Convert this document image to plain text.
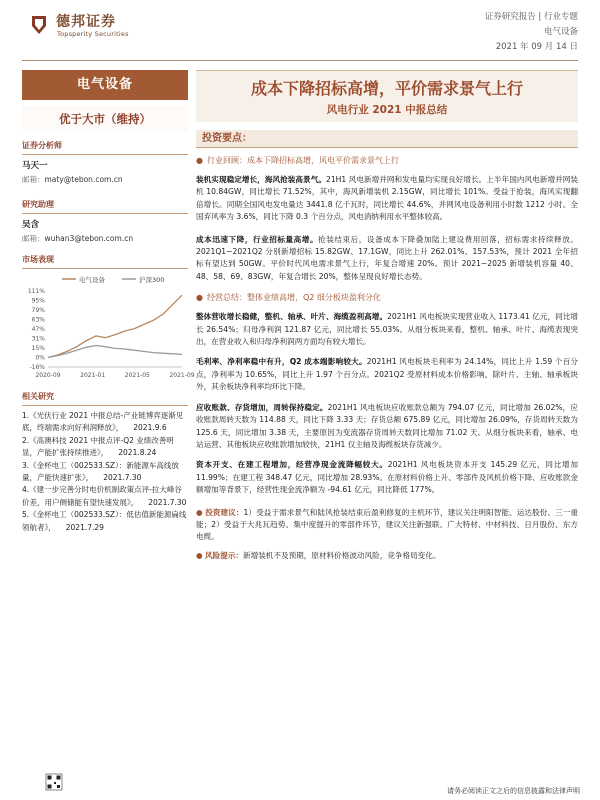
德邦证券
Topsperity Securities
证券研究报告 | 行业专题
电气设备
2021 年 09 月 14 日
电气设备
优于大市（维持）
证券分析师
马天一
邮箱：maty@tebon.com.cn
研究助理
吴含
邮箱：wuhan3@tebon.com.cn
市场表现
电气设备	沪深300
111%
95%
79%
63%
47%
31%
15%
0%
-16%
2020-09	2021-01	2021-05	2021-09
相关研究
1.《光伏行业 2021 中报总结-产业链博弈逐渐见底，终端需求向好利润释放》， 2021.9.6
2.《高澳科技 2021 中报点评-Q2 业绩改善明显，产能扩张持续推进》， 2021.8.24
3.《金杯电工（002533.SZ）：新能源车高线放量，产能快速扩张》， 2021.7.30
4.《建一步完善分时电价机制政策点评-拉大峰谷价差，用户侧储能有望快速发展》， 2021.7.30
5.《金杯电工（002533.SZ）：低估值新能源扁线领航者》， 2021.7.29
成本下降招标高增，平价需求景气上行
风电行业 2021 中报总结
投资要点：
● 行业回顾：成本下降招标高增，风电平价需求景气上行
装机实现稳定增长，海风抢装高景气。21H1 风电新增并网和发电量均实现良好增长。上半年国内风电新增并网装机 10.84GW，同比增长 71.52%，其中，海风新增装机 2.15GW，同比增长 101%。受益于抢装，海风实现翻倍增长。同期全国风电发电量达 3441.8 亿千瓦时，同比增长 44.6%，并网风电设备利用小时数 1212 小时。全国弃风率为 3.6%，同比下降 0.3 个百分点，风电消纳利用水平整体较高。
成本迅速下降，行业招标量高增。抢装结束后，设备成本下降叠加陆上建设费用回落，招标需求持续释放。2021Q1~2021Q2 分别新增招标 15.82GW、17.1GW，同比上升 262.01%、157.53%，预计 2021 全年招标有望达到 50GW。平价时代风电需求景气上行，年复合增速 20%。预计 2021~2025 新增装机容量 40、48、58、69、83GW，年复合增长 20%，整体呈现良好增长态势。
● 经营总结：整体业绩高增，Q2 细分板块盈利分化
整体营收增长稳健，整机、轴承、叶片、海缆盈利高增。2021H1 风电板块实现营业收入 1173.41 亿元，同比增长 26.54%；归母净利润 121.87 亿元，同比增长 55.03%。从细分板块来看，整机、轴承、叶片、海缆表现突出，在营业收入和归母净利润两方面均有较大增长。
毛利率、净利率稳中有升，Q2 成本端影响较大。2021H1 风电板块毛利率为 24.14%，同比上升 1.59 个百分点，净利率为 10.65%，同比上升 1.97 个百分点。2021Q2 受原材料成本价格影响，除叶片、主轴、轴承板块外，其余板块净利率均环比下降。
应收账款、存货增加，周转保持稳定。2021H1 风电板块应收账款总额为 794.07 亿元，同比增加 26.02%，应收账款周转天数为 114.88 天，同比下降 3.33 天；存货总额 675.89 亿元，同比增加 26.09%，存货周转天数为 125.6 天，同比增加 3.38 天，主要原因为变流器存货周转天数同比增加 71.02 天。从细分板块来看，轴承、电站运营、其他板块应收账款增加较快，21H1 仅主轴及海缆板块存货减少。
资本开支、在建工程增加，经营净现金流降幅较大。2021H1 风电板块资本开支 145.29 亿元，同比增加 11.99%；在建工程 348.47 亿元，同比增加 28.93%。在原材料价格上升、零部件及风机价格下降、应收账款金额增加等背景下，经营性现金流净额为 -94.61 亿元，同比降低 177%。
● 投资建议：1）受益于需求景气和陆风抢装结束后盈利修复的主机环节，建议关注明阳智能、运达股份、三一重能；2）受益于大兆瓦趋势、集中度提升的零部件环节，建议关注新强联、广大特材、中材科技、日月股份、东方电缆。
● 风险提示：新增装机不及预期，原材料价格波动风险，竞争格局变化。
请务必阅读正文之后的信息披露和法律声明
